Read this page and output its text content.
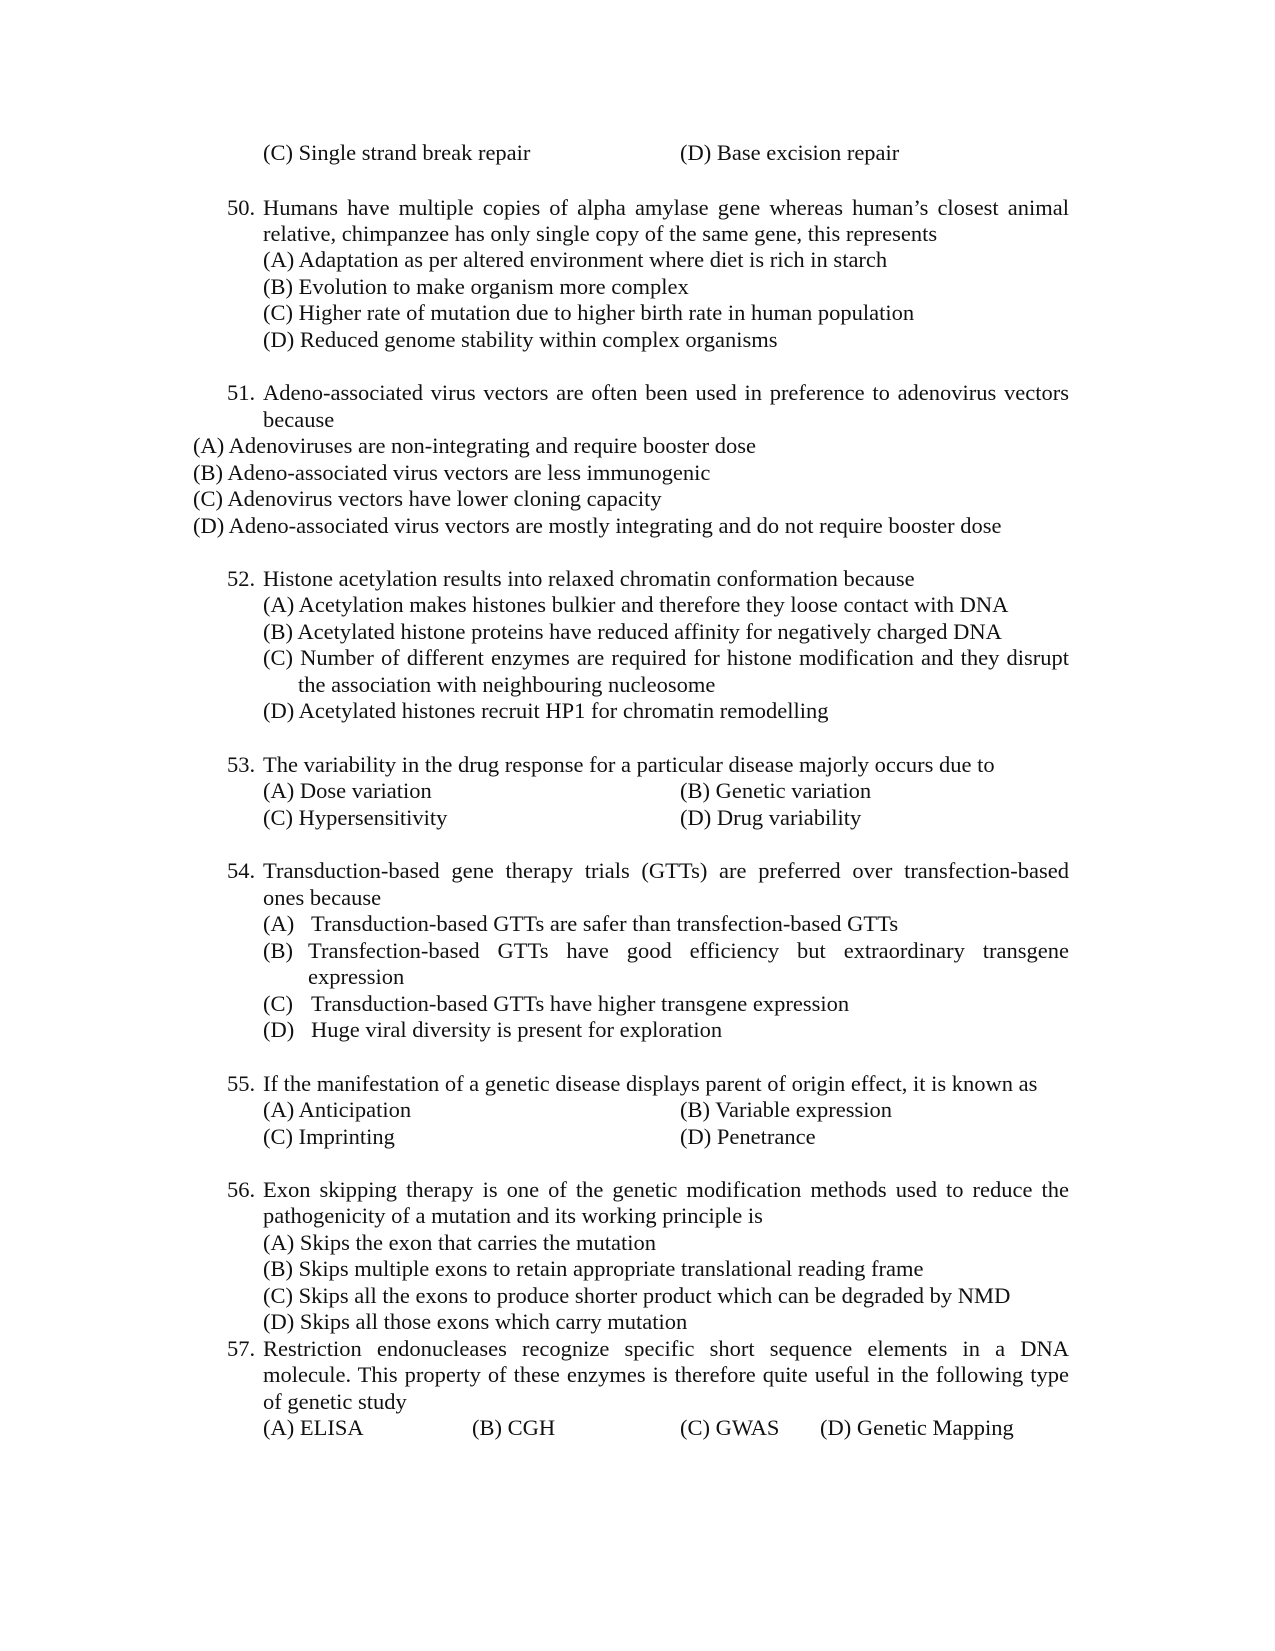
(C) Single strand break repair	(D) Base excision repair
50. Humans have multiple copies of alpha amylase gene whereas human’s closest animal
relative, chimpanzee has only single copy of the same gene, this represents
(A) Adaptation as per altered environment where diet is rich in starch
(B) Evolution to make organism more complex
(C) Higher rate of mutation due to higher birth rate in human population
(D) Reduced genome stability within complex organisms
51. Adeno-associated virus vectors are often been used in preference to adenovirus vectors
because
(A) Adenoviruses are non-integrating and require booster dose
(B) Adeno-associated virus vectors are less immunogenic
(C) Adenovirus vectors have lower cloning capacity
(D) Adeno-associated virus vectors are mostly integrating and do not require booster dose
52. Histone acetylation results into relaxed chromatin conformation because
(A) Acetylation makes histones bulkier and therefore they loose contact with DNA
(B) Acetylated histone proteins have reduced affinity for negatively charged DNA
(C) Number of different enzymes are required for histone modification and they disrupt
the association with neighbouring nucleosome
(D) Acetylated histones recruit HP1 for chromatin remodelling
53. The variability in the drug response for a particular disease majorly occurs due to
(A) Dose variation	(B) Genetic variation
(C) Hypersensitivity	(D) Drug variability
54. Transduction-based gene therapy trials (GTTs) are preferred over transfection-based
ones because
(A) Transduction-based GTTs are safer than transfection-based GTTs
(B) Transfection-based GTTs have good efficiency but extraordinary transgene
expression
(C) Transduction-based GTTs have higher transgene expression
(D) Huge viral diversity is present for exploration
55. If the manifestation of a genetic disease displays parent of origin effect, it is known as
(A) Anticipation	(B) Variable expression
(C) Imprinting	(D) Penetrance
56. Exon skipping therapy is one of the genetic modification methods used to reduce the
pathogenicity of a mutation and its working principle is
(A) Skips the exon that carries the mutation
(B) Skips multiple exons to retain appropriate translational reading frame
(C) Skips all the exons to produce shorter product which can be degraded by NMD
(D) Skips all those exons which carry mutation
57. Restriction endonucleases recognize specific short sequence elements in a DNA
molecule. This property of these enzymes is therefore quite useful in the following type
of genetic study
(A) ELISA	(B) CGH	(C) GWAS (D) Genetic Mapping
